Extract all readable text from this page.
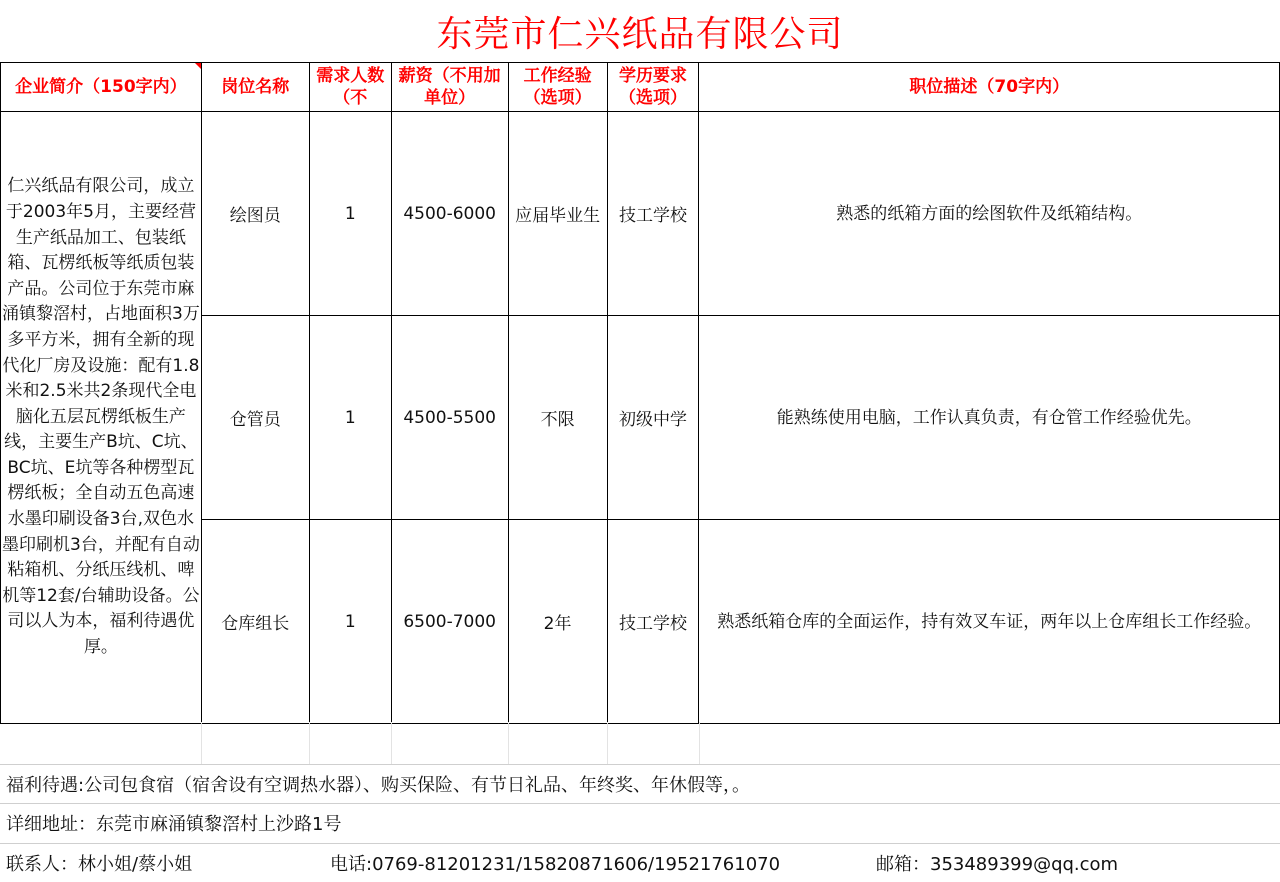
东莞市仁兴纸品有限公司
企业简介（150字内）	岗位名称	需求人数（不	薪资（不用加单位）	工作经验（选项）	学历要求（选项）	职位描述（70字内）
仁兴纸品有限公司，成立于2003年5月，主要经营生产纸品加工、包装纸箱、瓦楞纸板等纸质包装产品。公司位于东莞市麻涌镇黎滘村，占地面积3万多平方米，拥有全新的现代化厂房及设施：配有1.8米和2.5米共2条现代全电脑化五层瓦楞纸板生产线，主要生产B坑、C坑、BC坑、E坑等各种楞型瓦楞纸板；全自动五色高速水墨印刷设备3台,双色水墨印刷机3台，并配有自动粘箱机、分纸压线机、啤机等12套/台辅助设备。公司以人为本，福利待遇优厚。	绘图员	1	4500-6000	应届毕业生	技工学校	熟悉的纸箱方面的绘图软件及纸箱结构。
	仓管员	1	4500-5500	不限	初级中学	能熟练使用电脑，工作认真负责，有仓管工作经验优先。
	仓库组长	1	6500-7000	2年	技工学校	熟悉纸箱仓库的全面运作，持有效叉车证，两年以上仓库组长工作经验。
福利待遇:公司包食宿（宿舍设有空调热水器）、购买保险、有节日礼品、年终奖、年休假等，。
详细地址：东莞市麻涌镇黎滘村上沙路1号
联系人：林小姐/蔡小姐	电话:0769-81201231/15820871606/19521761070	邮箱：353489399@qq.com
